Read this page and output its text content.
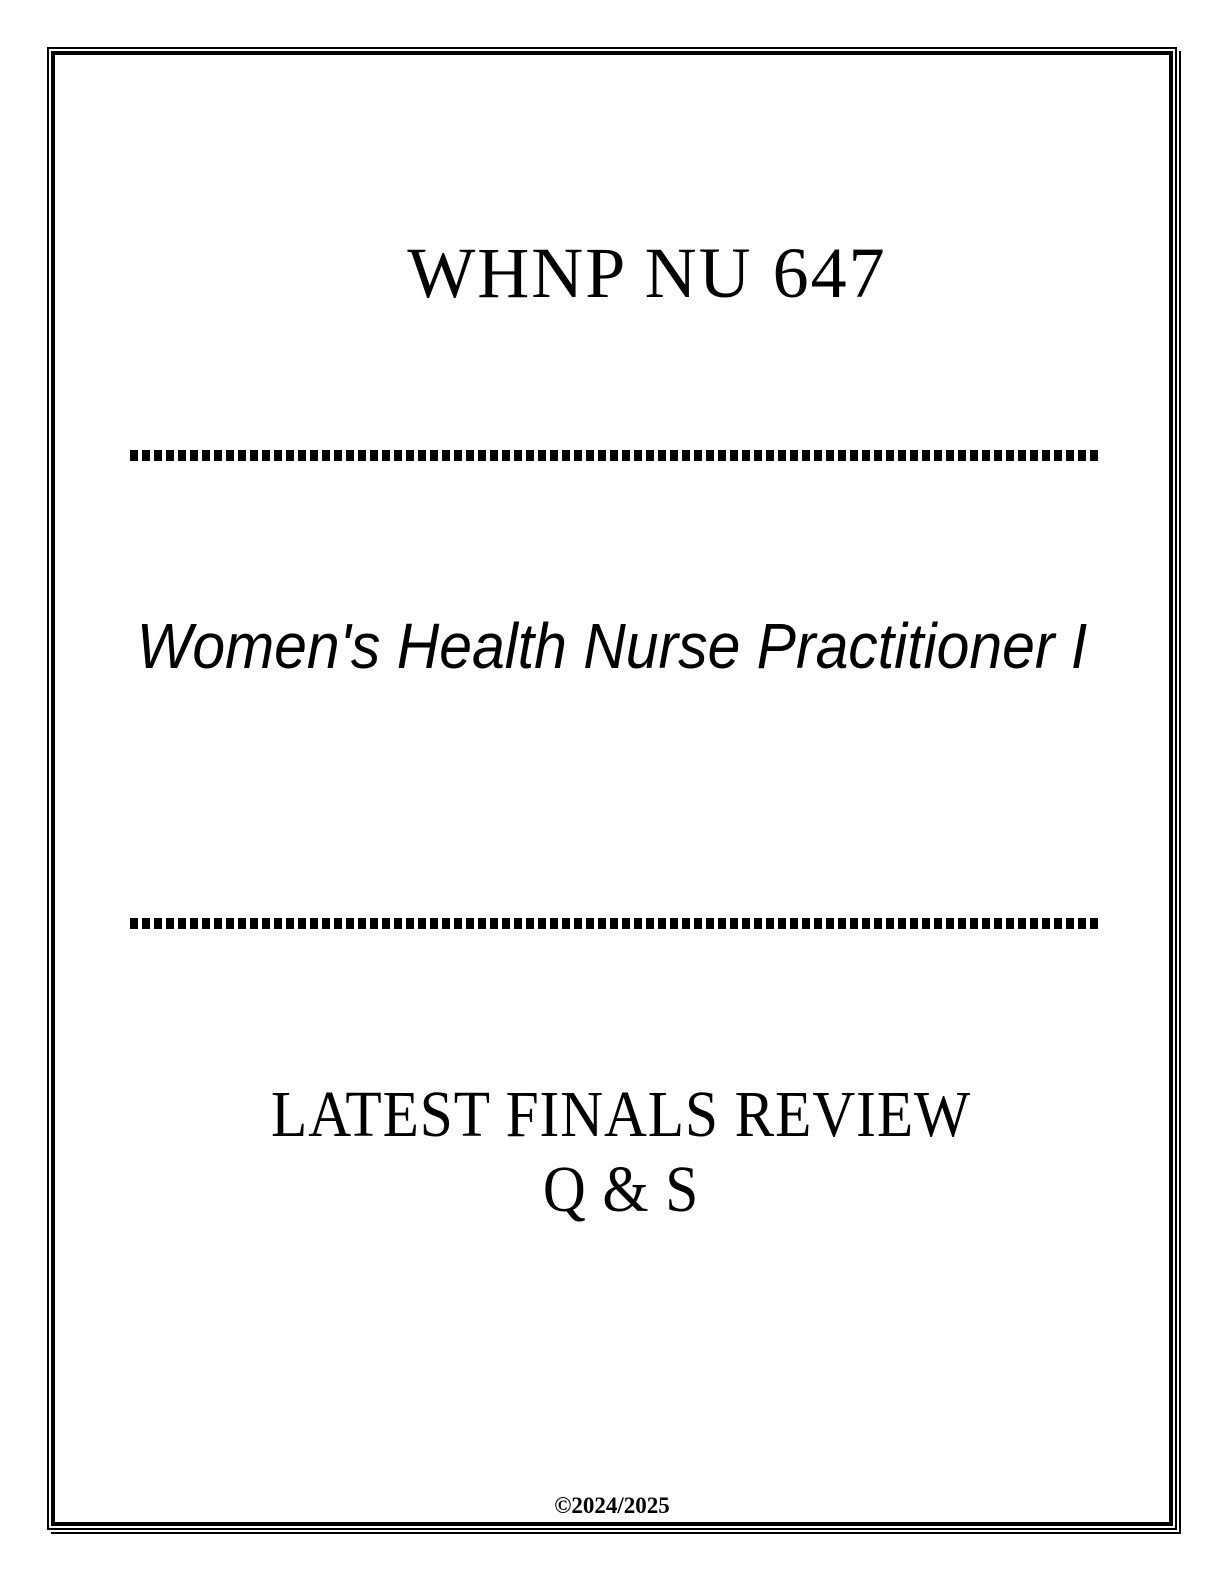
WHNP NU 647
Women's Health Nurse Practitioner I
LATEST FINALS REVIEW
Q & S
©2024/2025
